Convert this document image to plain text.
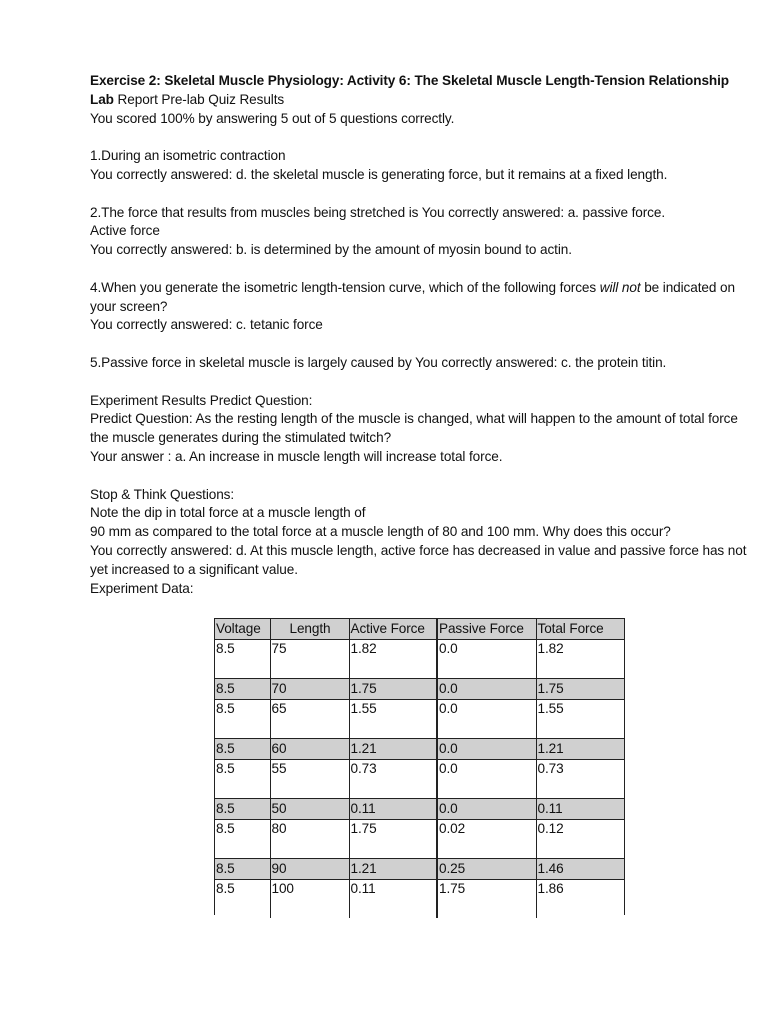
Exercise 2: Skeletal Muscle Physiology: Activity 6: The Skeletal Muscle Length-Tension Relationship

Lab Report Pre-lab Quiz Results

You scored 100% by answering 5 out of 5 questions correctly.

1.During an isometric contraction

You correctly answered: d. the skeletal muscle is generating force, but it remains at a fixed length.

2.The force that results from muscles being stretched is You correctly answered: a. passive force.

Active force

You correctly answered: b. is determined by the amount of myosin bound to actin.

4.When you generate the isometric length-tension curve, which of the following forces will not be indicated on your screen?

You correctly answered: c. tetanic force

5.Passive force in skeletal muscle is largely caused by You correctly answered: c. the protein titin.

Experiment Results Predict Question:

Predict Question: As the resting length of the muscle is changed, what will happen to the amount of total force the muscle generates during the stimulated twitch?

Your answer : a. An increase in muscle length will increase total force.

Stop & Think Questions:

Note the dip in total force at a muscle length of

90 mm as compared to the total force at a muscle length of 80 and 100 mm. Why does this occur?

You correctly answered: d. At this muscle length, active force has decreased in value and passive force has not yet increased to a significant value.

Experiment Data:

Voltage	Length	Active Force	Passive Force	Total Force
8.5	75	1.82	0.0	1.82
8.5	70	1.75	0.0	1.75
8.5	65	1.55	0.0	1.55
8.5	60	1.21	0.0	1.21
8.5	55	0.73	0.0	0.73
8.5	50	0.11	0.0	0.11
8.5	80	1.75	0.02	0.12
8.5	90	1.21	0.25	1.46
8.5	100	0.11	1.75	1.86
